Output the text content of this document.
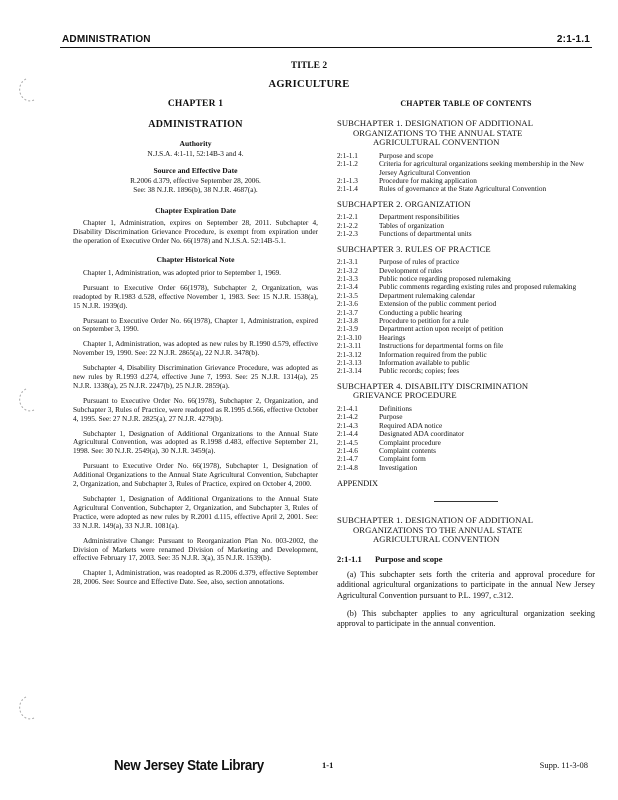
ADMINISTRATION	2:1-1.1
TITLE 2
AGRICULTURE
CHAPTER 1
ADMINISTRATION
Authority
N.J.S.A. 4:1-11, 52:14B-3 and 4.
Source and Effective Date
R.2006 d.379, effective September 28, 2006.
See: 38 N.J.R. 1896(b), 38 N.J.R. 4687(a).
Chapter Expiration Date

Chapter 1, Administration, expires on September 28, 2011. Subchapter 4, Disability Discrimination Grievance Procedure, is exempt from expiration under the operation of Executive Order No. 66(1978) and N.J.S.A. 52:14B-5.1.

Chapter Historical Note

Chapter 1, Administration, was adopted prior to September 1, 1969.

Pursuant to Executive Order 66(1978), Subchapter 2, Organization, was readopted by R.1983 d.528, effective November 1, 1983. See: 15 N.J.R. 1538(a), 15 N.J.R. 1939(d).

Pursuant to Executive Order No. 66(1978), Chapter 1, Administration, expired on September 3, 1990.

Chapter 1, Administration, was adopted as new rules by R.1990 d.579, effective November 19, 1990. See: 22 N.J.R. 2865(a), 22 N.J.R. 3478(b).

Subchapter 4, Disability Discrimination Grievance Procedure, was adopted as new rules by R.1993 d.274, effective June 7, 1993. See: 25 N.J.R. 1314(a), 25 N.J.R. 1338(a), 25 N.J.R. 2247(b), 25 N.J.R. 2859(a).

Pursuant to Executive Order No. 66(1978), Subchapter 2, Organization, and Subchapter 3, Rules of Practice, were readopted as R.1995 d.566, effective October 4, 1995. See: 27 N.J.R. 2825(a), 27 N.J.R. 4279(b).

Subchapter 1, Designation of Additional Organizations to the Annual State Agricultural Convention, was adopted as R.1998 d.483, effective September 21, 1998. See: 30 N.J.R. 2549(a), 30 N.J.R. 3459(a).

Pursuant to Executive Order No. 66(1978), Subchapter 1, Designation of Additional Organizations to the Annual State Agricultural Convention, Subchapter 2, Organization, and Subchapter 3, Rules of Practice, expired on October 4, 2000.

Subchapter 1, Designation of Additional Organizations to the Annual State Agricultural Convention, Subchapter 2, Organization, and Subchapter 3, Rules of Practice, were adopted as new rules by R.2001 d.115, effective April 2, 2001. See: 33 N.J.R. 149(a), 33 N.J.R. 1081(a).

Administrative Change: Pursuant to Reorganization Plan No. 003-2002, the Division of Markets were renamed Division of Marketing and Development, effective February 17, 2003. See: 35 N.J.R. 3(a), 35 N.J.R. 1539(b).

Chapter 1, Administration, was readopted as R.2006 d.379, effective September 28, 2006. See: Source and Effective Date. See, also, section annotations.

CHAPTER TABLE OF CONTENTS
SUBCHAPTER 1. DESIGNATION OF ADDITIONAL
ORGANIZATIONS TO THE ANNUAL STATE
AGRICULTURAL CONVENTION
2:1-1.1	Purpose and scope
2:1-1.2	Criteria for agricultural organizations seeking membership in the New Jersey Agricultural Convention
2:1-1.3	Procedure for making application
2:1-1.4	Rules of governance at the State Agricultural Convention
SUBCHAPTER 2. ORGANIZATION
2:1-2.1	Department responsibilities
2:1-2.2	Tables of organization
2:1-2.3	Functions of departmental units
SUBCHAPTER 3. RULES OF PRACTICE
2:1-3.1	Purpose of rules of practice
2:1-3.2	Development of rules
2:1-3.3	Public notice regarding proposed rulemaking
2:1-3.4	Public comments regarding existing rules and proposed rulemaking
2:1-3.5	Department rulemaking calendar
2:1-3.6	Extension of the public comment period
2:1-3.7	Conducting a public hearing
2:1-3.8	Procedure to petition for a rule
2:1-3.9	Department action upon receipt of petition
2:1-3.10	Hearings
2:1-3.11	Instructions for departmental forms on file
2:1-3.12	Information required from the public
2:1-3.13	Information available to public
2:1-3.14	Public records; copies; fees
SUBCHAPTER 4. DISABILITY DISCRIMINATION
GRIEVANCE PROCEDURE
2:1-4.1	Definitions
2:1-4.2	Purpose
2:1-4.3	Required ADA notice
2:1-4.4	Designated ADA coordinator
2:1-4.5	Complaint procedure
2:1-4.6	Complaint contents
2:1-4.7	Complaint form
2:1-4.8	Investigation
APPENDIX
SUBCHAPTER 1. DESIGNATION OF ADDITIONAL
ORGANIZATIONS TO THE ANNUAL STATE
AGRICULTURAL CONVENTION
2:1-1.1 Purpose and scope

(a) This subchapter sets forth the criteria and approval procedure for additional agricultural organizations to participate in the annual New Jersey Agricultural Convention pursuant to P.L. 1997, c.312.

(b) This subchapter applies to any agricultural organization seeking approval to participate in the annual convention.

New Jersey State Library	1-1	Supp. 11-3-08
